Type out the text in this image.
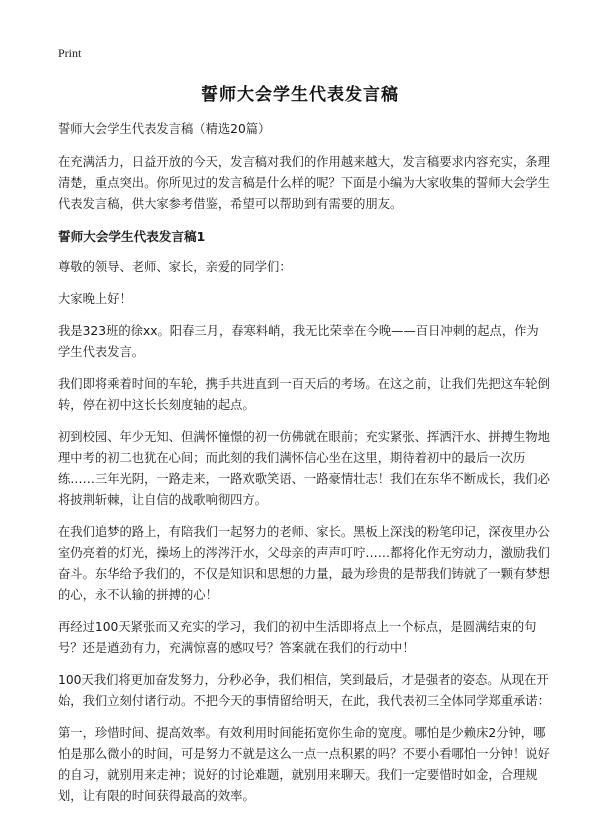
Print
誓师大会学生代表发言稿

誓师大会学生代表发言稿（精选20篇）

在充满活力，日益开放的今天，发言稿对我们的作用越来越大，发言稿要求内容充实，条理清楚，重点突出。你所见过的发言稿是什么样的呢？下面是小编为大家收集的誓师大会学生代表发言稿，供大家参考借鉴，希望可以帮助到有需要的朋友。

誓师大会学生代表发言稿1

尊敬的领导、老师、家长，亲爱的同学们：

大家晚上好！

我是323班的徐xx。阳春三月，春寒料峭，我无比荣幸在今晚——百日冲刺的起点，作为学生代表发言。

我们即将乘着时间的车轮，携手共进直到一百天后的考场。在这之前，让我们先把这车轮倒转，停在初中这长长刻度轴的起点。

初到校园、年少无知、但满怀憧憬的初一仿佛就在眼前；充实紧张、挥洒汗水、拼搏生物地理中考的初二也犹在心间；而此刻的我们满怀信心坐在这里，期待着初中的最后一次历练……三年光阴，一路走来，一路欢歌笑语、一路豪情壮志！我们在东华不断成长，我们必将披荆斩棘，让自信的战歌响彻四方。

在我们追梦的路上，有陪我们一起努力的老师、家长。黑板上深浅的粉笔印记，深夜里办公室仍亮着的灯光，操场上的涔涔汗水，父母亲的声声叮咛……都将化作无穷动力，激励我们奋斗。东华给予我们的，不仅是知识和思想的力量，最为珍贵的是帮我们铸就了一颗有梦想的心，永不认输的拼搏的心！

再经过100天紧张而又充实的学习，我们的初中生活即将点上一个标点，是圆满结束的句号？还是遒劲有力，充满惊喜的感叹号？答案就在我们的行动中！

100天我们将更加奋发努力，分秒必争，我们相信，笑到最后，才是强者的姿态。从现在开始，我们立刻付诸行动。不把今天的事情留给明天，在此，我代表初三全体同学郑重承诺：

第一，珍惜时间、提高效率。有效利用时间能拓宽你生命的宽度。哪怕是少赖床2分钟，哪怕是那么微小的时间，可是努力不就是这么一点一点积累的吗？不要小看哪怕一分钟！说好的自习，就别用来走神；说好的讨论难题，就别用来聊天。我们一定要惜时如金，合理规划，让有限的时间获得最高的效率。
